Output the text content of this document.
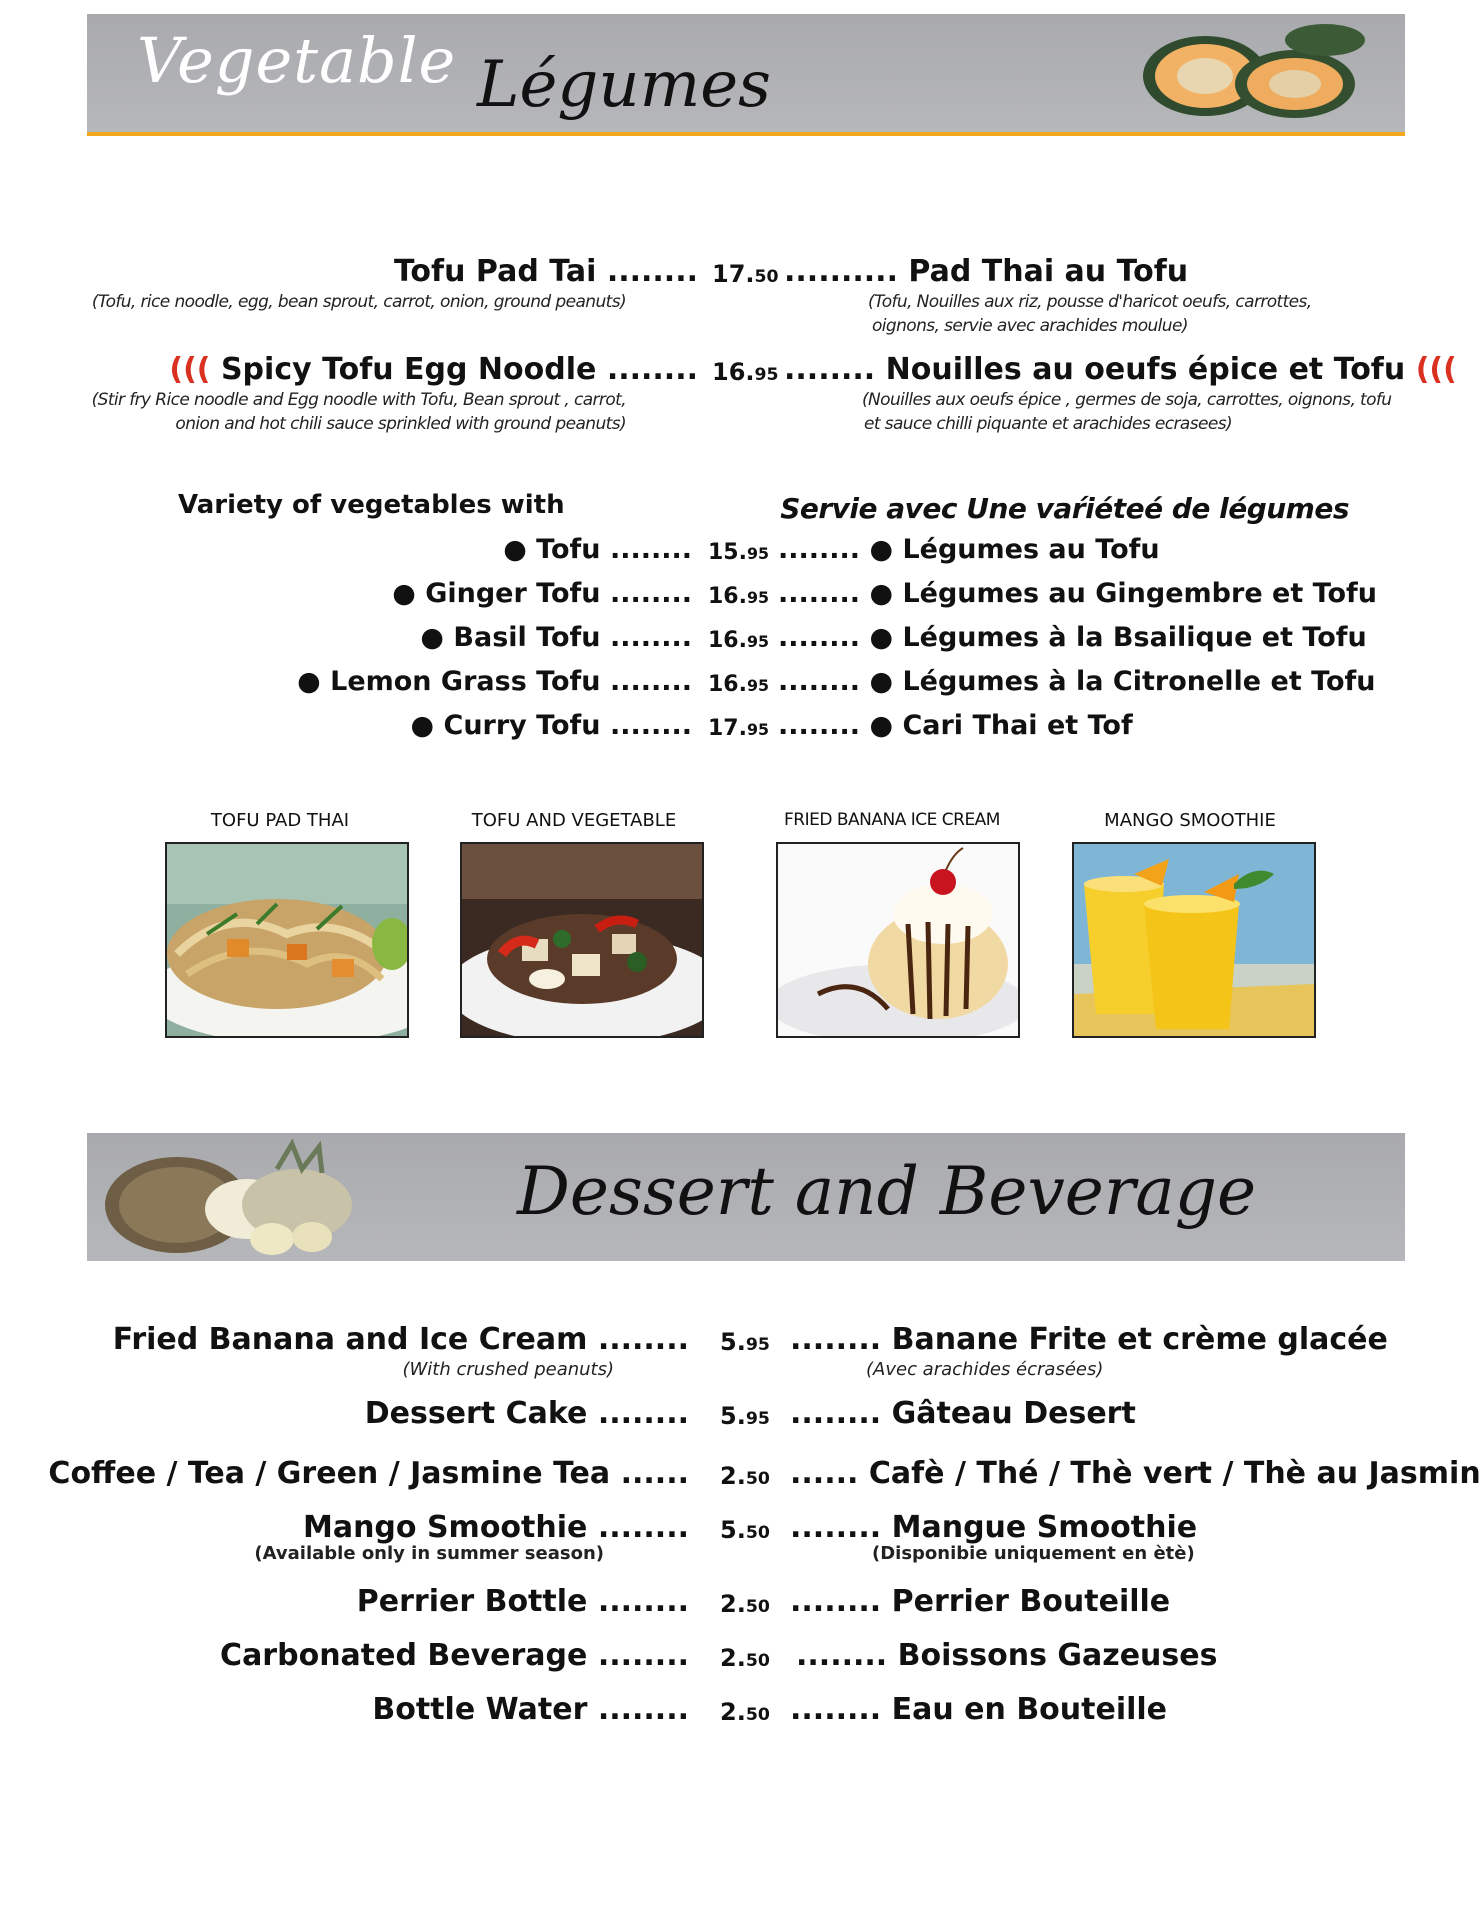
Vegetable Légumes
Tofu Pad Tai ........ 17.50 .......... Pad Thai au Tofu
(Tofu, rice noodle, egg, bean sprout, carrot, onion, ground peanuts)	(Tofu, Nouilles aux riz, pousse d'haricot oeufs, carrottes,
oignons, servie avec arachides moulue)
((( Spicy Tofu Egg Noodle ........ 16.95 ........ Nouilles au oeufs épice et Tofu (((
(Stir fry Rice noodle and Egg noodle with Tofu, Bean sprout , carrot,
onion and hot chili sauce sprinkled with ground peanuts)
(Nouilles aux oeufs épice , germes de soja, carrottes, oignons, tofu
et sauce chilli piquante et arachides ecrasees)
Variety of vegetables with	Servie avec Une vaŕiéteé de légumes
● Tofu ........ 15.95 ........ ● Légumes au Tofu
● Ginger Tofu ........ 16.95 ........ ● Légumes au Gingembre et Tofu
● Basil Tofu ........ 16.95 ........ ● Légumes à la Bsailique et Tofu
● Lemon Grass Tofu ........ 16.95 ........ ● Légumes à la Citronelle et Tofu
● Curry Tofu ........ 17.95 ........ ● Cari Thai et Tof
TOFU PAD THAI	TOFU AND VEGETABLE	FRIED BANANA ICE CREAM	MANGO SMOOTHIE
Dessert and Beverage
Fried Banana and Ice Cream ........ 5.95 ........ Banane Frite et crème glacée
(With crushed peanuts)	(Avec arachides écrasées)
Dessert Cake ........ 5.95 ........ Gâteau Desert
Coffee / Tea / Green / Jasmine Tea ...... 2.50 ...... Cafè / Thé / Thè vert / Thè au Jasmin
Mango Smoothie ........ 5.50 ........ Mangue Smoothie
(Available only in summer season)	(Disponibie uniquement en ètè)
Perrier Bottle ........ 2.50 ........ Perrier Bouteille
Carbonated Beverage ........ 2.50 ........ Boissons Gazeuses
Bottle Water ........ 2.50 ........ Eau en Bouteille
